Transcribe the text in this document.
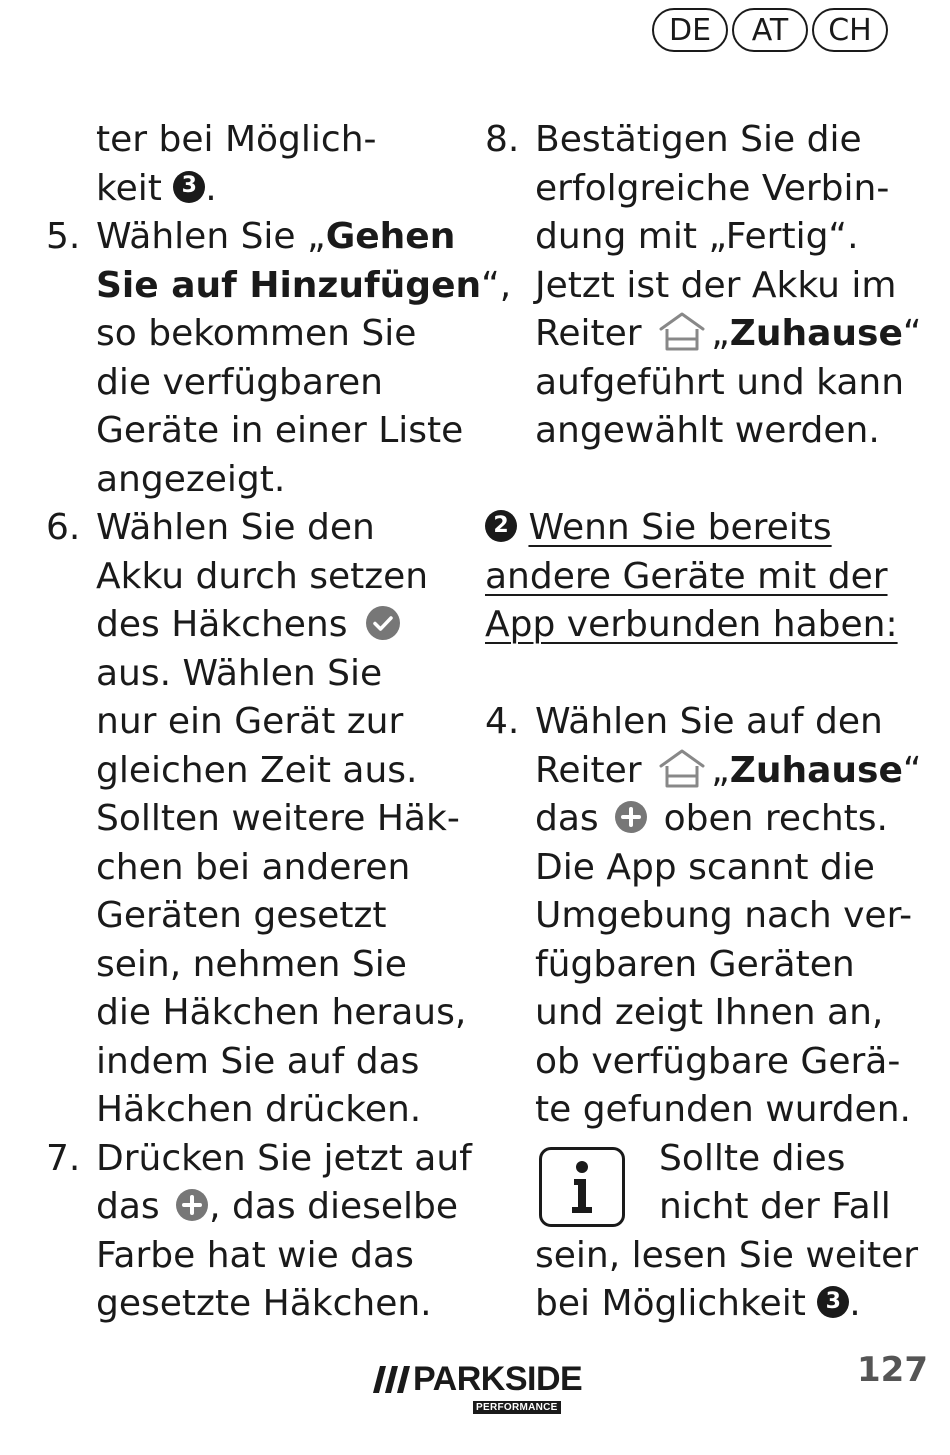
DE	AT	CH
ter bei Möglich-
keit 3 .
5. Wählen Sie „Gehen
Sie auf Hinzufügen“,
so bekommen Sie
die verfügbaren
Geräte in einer Liste
angezeigt.
6. Wählen Sie den
Akku durch setzen
des Häkchens
aus. Wählen Sie
nur ein Gerät zur
gleichen Zeit aus.
Sollten weitere Häk-
chen bei anderen
Geräten gesetzt
sein, nehmen Sie
die Häkchen heraus,
indem Sie auf das
Häkchen drücken.
7. Drücken Sie jetzt auf
das , das dieselbe
Farbe hat wie das
gesetzte Häkchen.
8. Bestätigen Sie die
erfolgreiche Verbin-
dung mit „Fertig“.
Jetzt ist der Akku im
Reiter „Zuhause“
aufgeführt und kann
angewählt werden.
2 Wenn Sie bereits
andere Geräte mit der
App verbunden haben:
4. Wählen Sie auf den
Reiter „Zuhause“
das oben rechts.
Die App scannt die
Umgebung nach ver-
fügbaren Geräten
und zeigt Ihnen an,
ob verfügbare Gerä-
te gefunden wurden.
Sollte dies
nicht der Fall
sein, lesen Sie weiter
bei Möglichkeit 3 .
PARKSIDE
PERFORMANCE
127
